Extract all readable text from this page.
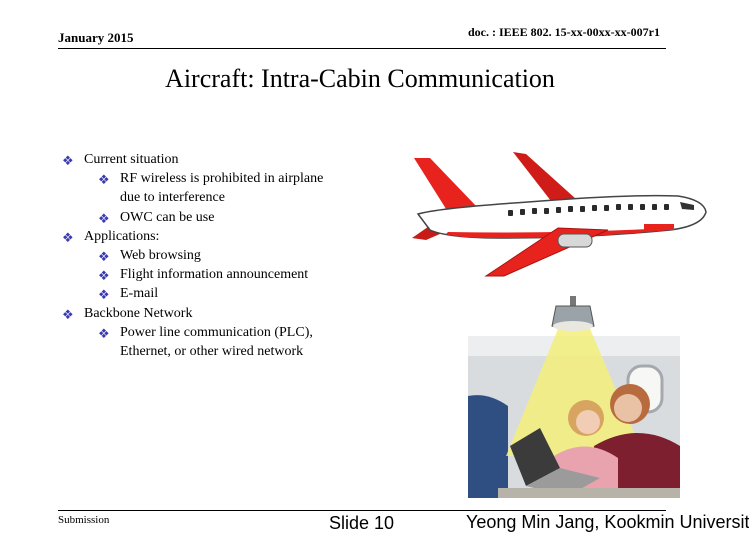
January 2015	doc. : IEEE 802. 15-xx-00xx-xx-007r1
Aircraft: Intra-Cabin Communication
❖ Current situation
❖ RF wireless is prohibited in airplane
due to interference
❖ OWC can be use
❖ Applications:
❖ Web browsing
❖ Flight information announcement
❖ E-mail
❖ Backbone Network
❖ Power line communication (PLC),
Ethernet, or other wired network
Submission	Slide 10	Yeong Min Jang, Kookmin Universit
